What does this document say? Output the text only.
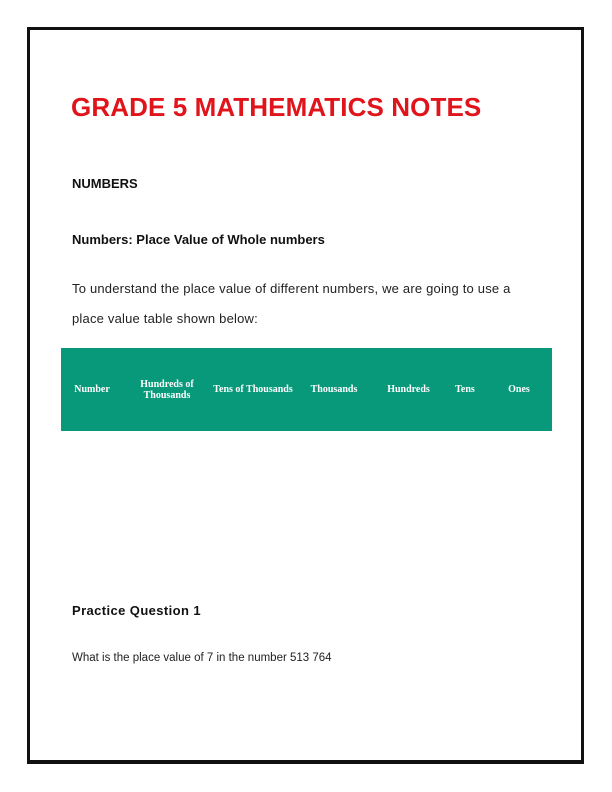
GRADE 5 MATHEMATICS NOTES
NUMBERS
Numbers: Place Value of Whole numbers

To understand the place value of different numbers, we are going to use a place value table shown below:

Number	Hundreds of Thousands	Tens of Thousands	Thousands	Hundreds	Tens	Ones
Practice Question 1

What is the place value of 7 in the number 513 764
